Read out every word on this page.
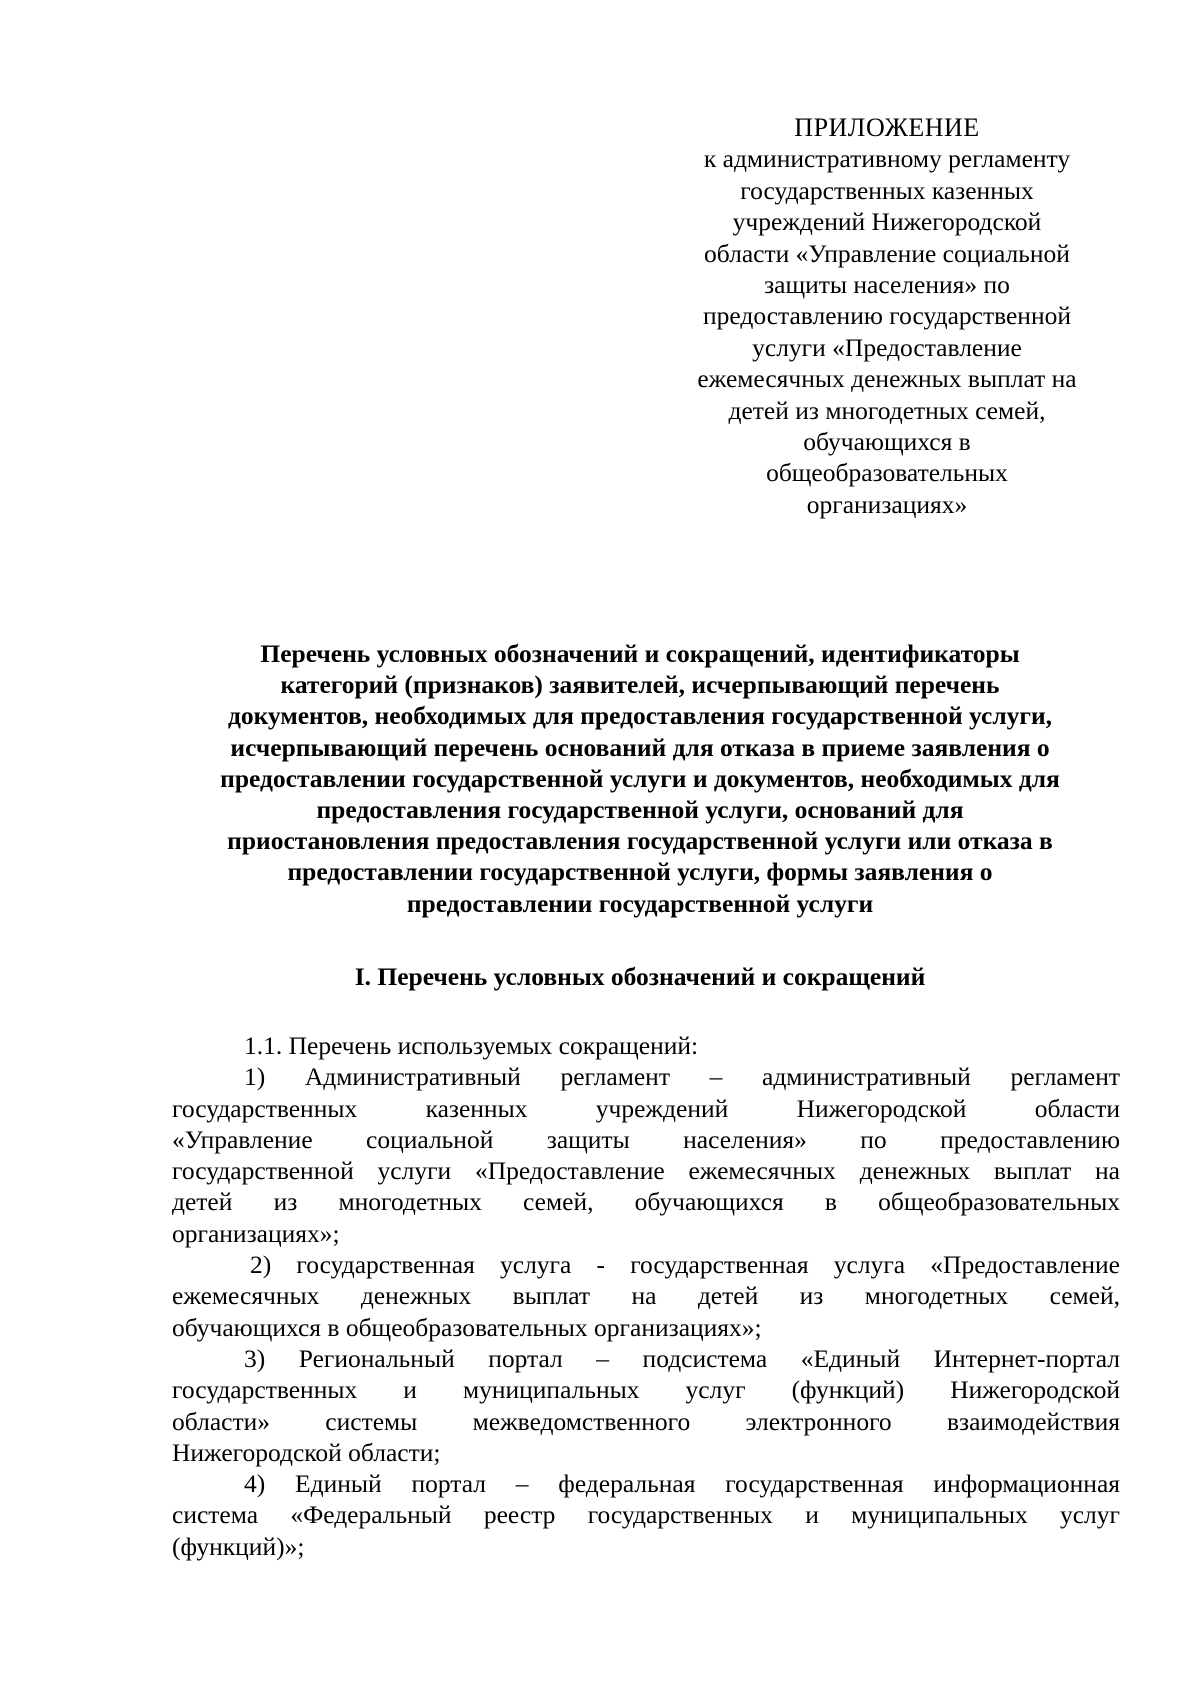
ПРИЛОЖЕНИЕ
к административному регламенту
государственных казенных
учреждений Нижегородской
области «Управление социальной
защиты населения» по
предоставлению государственной
услуги «Предоставление
ежемесячных денежных выплат на
детей из многодетных семей,
обучающихся в
общеобразовательных
организациях»
Перечень условных обозначений и сокращений, идентификаторы
категорий (признаков) заявителей, исчерпывающий перечень
документов, необходимых для предоставления государственной услуги,
исчерпывающий перечень оснований для отказа в приеме заявления о
предоставлении государственной услуги и документов, необходимых для
предоставления государственной услуги, оснований для
приостановления предоставления государственной услуги или отказа в
предоставлении государственной услуги, формы заявления о
предоставлении государственной услуги
I. Перечень условных обозначений и сокращений

1.1. Перечень используемых сокращений:

1) Административный регламент – административный регламент
государственных казенных учреждений Нижегородской области
«Управление социальной защиты населения» по предоставлению
государственной услуги «Предоставление ежемесячных денежных выплат на
детей из многодетных семей, обучающихся в общеобразовательных
организациях»;

2) государственная услуга - государственная услуга «Предоставление
ежемесячных денежных выплат на детей из многодетных семей,
обучающихся в общеобразовательных организациях»;

3) Региональный портал – подсистема «Единый Интернет-портал
государственных и муниципальных услуг (функций) Нижегородской
области» системы межведомственного электронного взаимодействия
Нижегородской области;

4) Единый портал – федеральная государственная информационная
система «Федеральный реестр государственных и муниципальных услуг
(функций)»;
